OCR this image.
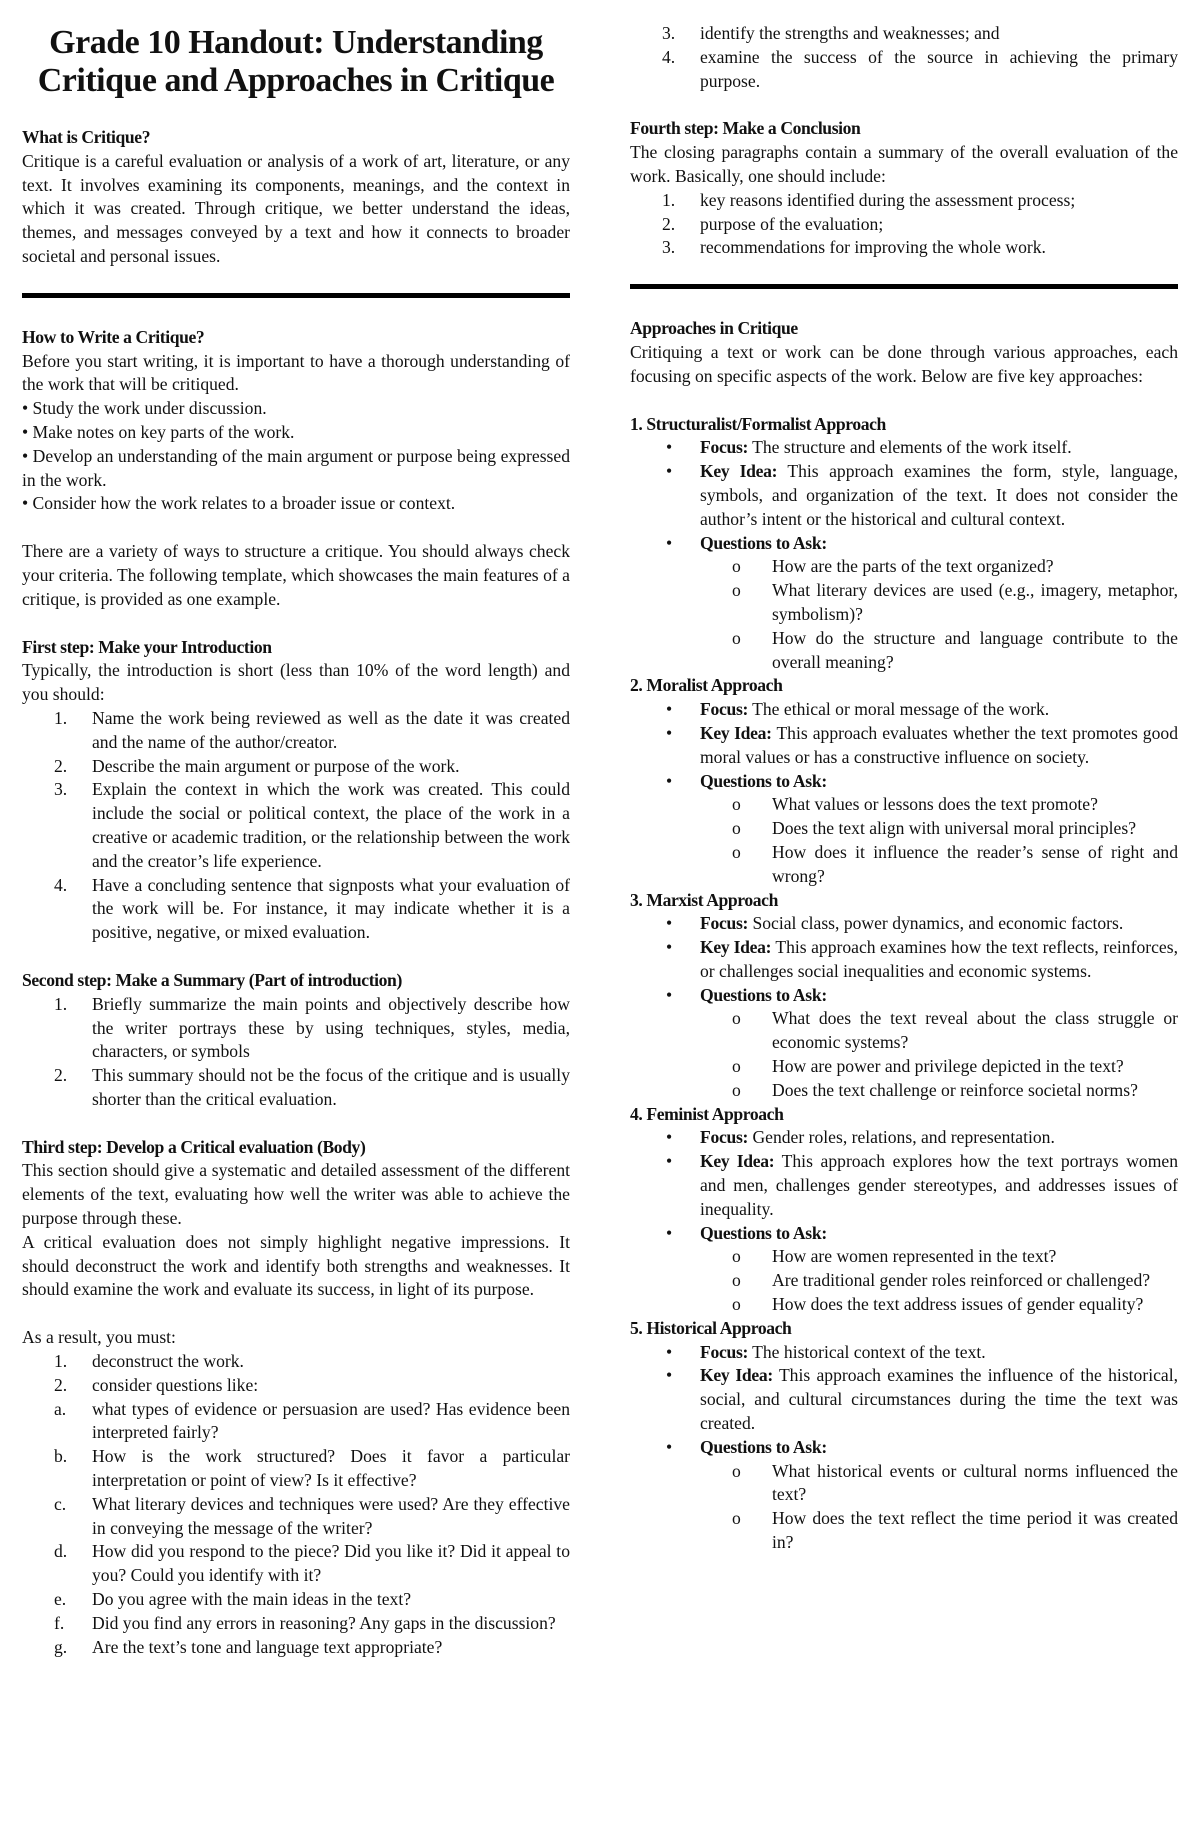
Grade 10 Handout: Understanding Critique and Approaches in Critique

What is Critique?

Critique is a careful evaluation or analysis of a work of art, literature, or any text. It involves examining its components, meanings, and the context in which it was created. Through critique, we better understand the ideas, themes, and messages conveyed by a text and how it connects to broader societal and personal issues.

How to Write a Critique?

Before you start writing, it is important to have a thorough understanding of the work that will be critiqued.

• Study the work under discussion.

• Make notes on key parts of the work.

• Develop an understanding of the main argument or purpose being expressed in the work.

• Consider how the work relates to a broader issue or context.

There are a variety of ways to structure a critique. You should always check your criteria. The following template, which showcases the main features of a critique, is provided as one example.

First step: Make your Introduction

Typically, the introduction is short (less than 10% of the word length) and you should:

1.	Name the work being reviewed as well as the date it was created and the name of the author/creator.
2.	Describe the main argument or purpose of the work.
3.	Explain the context in which the work was created. This could include the social or political context, the place of the work in a creative or academic tradition, or the relationship between the work and the creator’s life experience.
4.	Have a concluding sentence that signposts what your evaluation of the work will be. For instance, it may indicate whether it is a positive, negative, or mixed evaluation.

Second step: Make a Summary (Part of introduction)

1.	Briefly summarize the main points and objectively describe how the writer portrays these by using techniques, styles, media, characters, or symbols
2.	This summary should not be the focus of the critique and is usually shorter than the critical evaluation.

Third step: Develop a Critical evaluation (Body)

This section should give a systematic and detailed assessment of the different elements of the text, evaluating how well the writer was able to achieve the purpose through these.

A critical evaluation does not simply highlight negative impressions. It should deconstruct the work and identify both strengths and weaknesses. It should examine the work and evaluate its success, in light of its purpose.

As a result, you must:

1.	deconstruct the work.
2.	consider questions like:
a.	what types of evidence or persuasion are used? Has evidence been interpreted fairly?
b.	How is the work structured? Does it favor a particular interpretation or point of view? Is it effective?
c.	What literary devices and techniques were used? Are they effective in conveying the message of the writer?
d.	How did you respond to the piece? Did you like it? Did it appeal to you? Could you identify with it?
e.	Do you agree with the main ideas in the text?
f.	Did you find any errors in reasoning? Any gaps in the discussion?
g.	Are the text’s tone and language text appropriate?
3.	identify the strengths and weaknesses; and
4.	examine the success of the source in achieving the primary purpose.

Fourth step: Make a Conclusion

The closing paragraphs contain a summary of the overall evaluation of the work. Basically, one should include:

1.	key reasons identified during the assessment process;
2.	purpose of the evaluation;
3.	recommendations for improving the whole work.

Approaches in Critique

Critiquing a text or work can be done through various approaches, each focusing on specific aspects of the work. Below are five key approaches:

1. Structuralist/Formalist Approach

• Focus: The structure and elements of the work itself.
• Key Idea: This approach examines the form, style, language, symbols, and organization of the text. It does not consider the author’s intent or the historical and cultural context.
• Questions to Ask:
o How are the parts of the text organized?
o What literary devices are used (e.g., imagery, metaphor, symbolism)?
o How do the structure and language contribute to the overall meaning?

2. Moralist Approach

• Focus: The ethical or moral message of the work.
• Key Idea: This approach evaluates whether the text promotes good moral values or has a constructive influence on society.
• Questions to Ask:
o What values or lessons does the text promote?
o Does the text align with universal moral principles?
o How does it influence the reader’s sense of right and wrong?

3. Marxist Approach

• Focus: Social class, power dynamics, and economic factors.
• Key Idea: This approach examines how the text reflects, reinforces, or challenges social inequalities and economic systems.
• Questions to Ask:
o What does the text reveal about the class struggle or economic systems?
o How are power and privilege depicted in the text?
o Does the text challenge or reinforce societal norms?

4. Feminist Approach

• Focus: Gender roles, relations, and representation.
• Key Idea: This approach explores how the text portrays women and men, challenges gender stereotypes, and addresses issues of inequality.
• Questions to Ask:
o How are women represented in the text?
o Are traditional gender roles reinforced or challenged?
o How does the text address issues of gender equality?

5. Historical Approach

• Focus: The historical context of the text.
• Key Idea: This approach examines the influence of the historical, social, and cultural circumstances during the time the text was created.
• Questions to Ask:
o What historical events or cultural norms influenced the text?
o How does the text reflect the time period it was created in?
